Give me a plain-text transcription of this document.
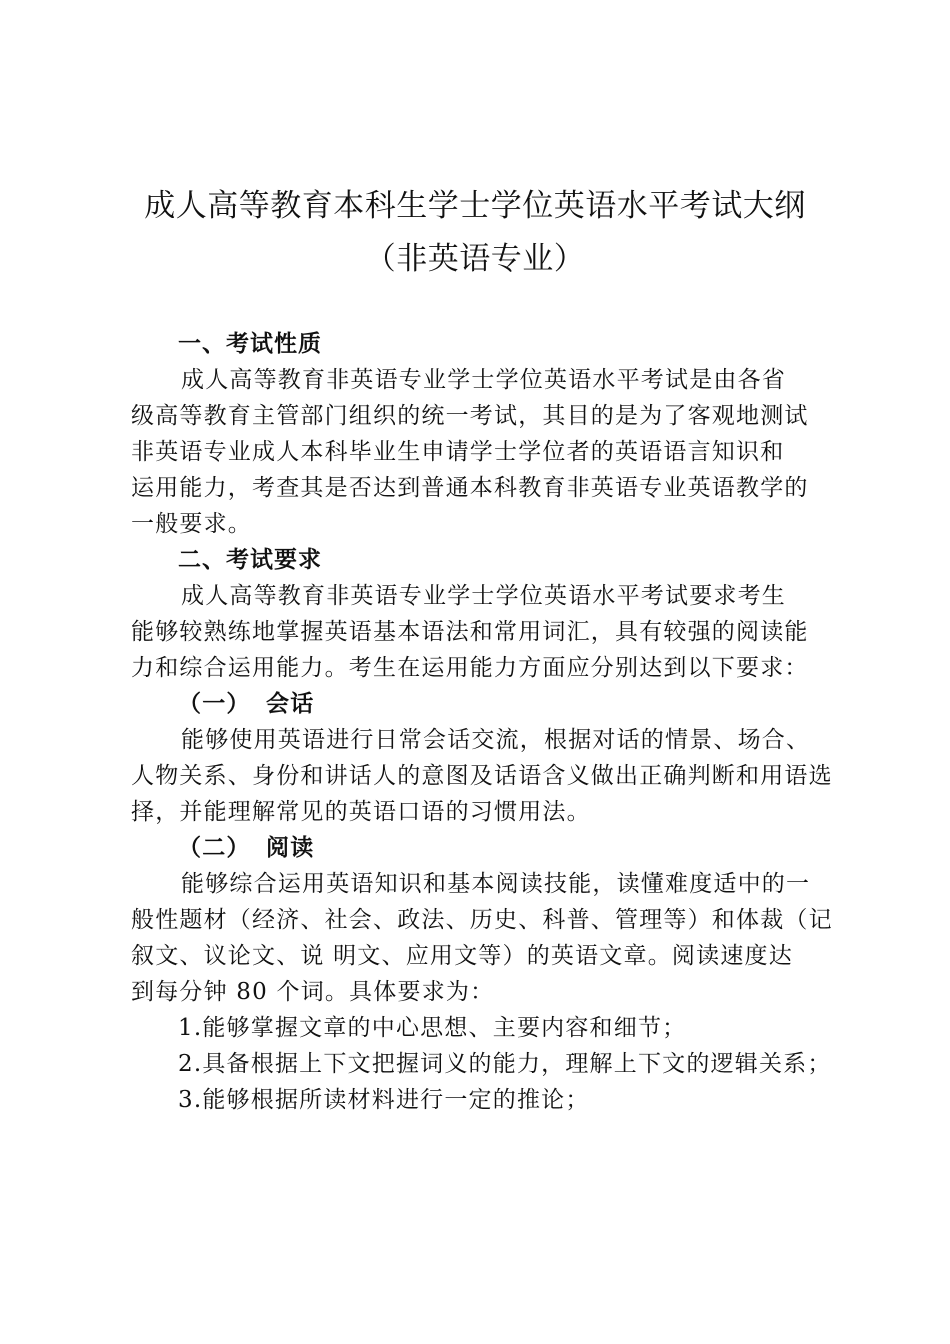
成人高等教育本科生学士学位英语水平考试大纲
（非英语专业）
一、考试性质
成人高等教育非英语专业学士学位英语水平考试是由各省
级高等教育主管部门组织的统一考试，其目的是为了客观地测试
非英语专业成人本科毕业生申请学士学位者的英语语言知识和
运用能力，考查其是否达到普通本科教育非英语专业英语教学的
一般要求。
二、考试要求
成人高等教育非英语专业学士学位英语水平考试要求考生
能够较熟练地掌握英语基本语法和常用词汇，具有较强的阅读能
力和综合运用能力。考生在运用能力方面应分别达到以下要求：
（一） 会话
能够使用英语进行日常会话交流，根据对话的情景、场合、
人物关系、身份和讲话人的意图及话语含义做出正确判断和用语选
择，并能理解常见的英语口语的习惯用法。
（二） 阅读
能够综合运用英语知识和基本阅读技能，读懂难度适中的一
般性题材（经济、社会、政法、历史、科普、管理等）和体裁（记
叙文、议论文、说 明文、应用文等）的英语文章。阅读速度达
到每分钟 80 个词。具体要求为：
1.能够掌握文章的中心思想、主要内容和细节；
2.具备根据上下文把握词义的能力，理解上下文的逻辑关系；
3.能够根据所读材料进行一定的推论；
